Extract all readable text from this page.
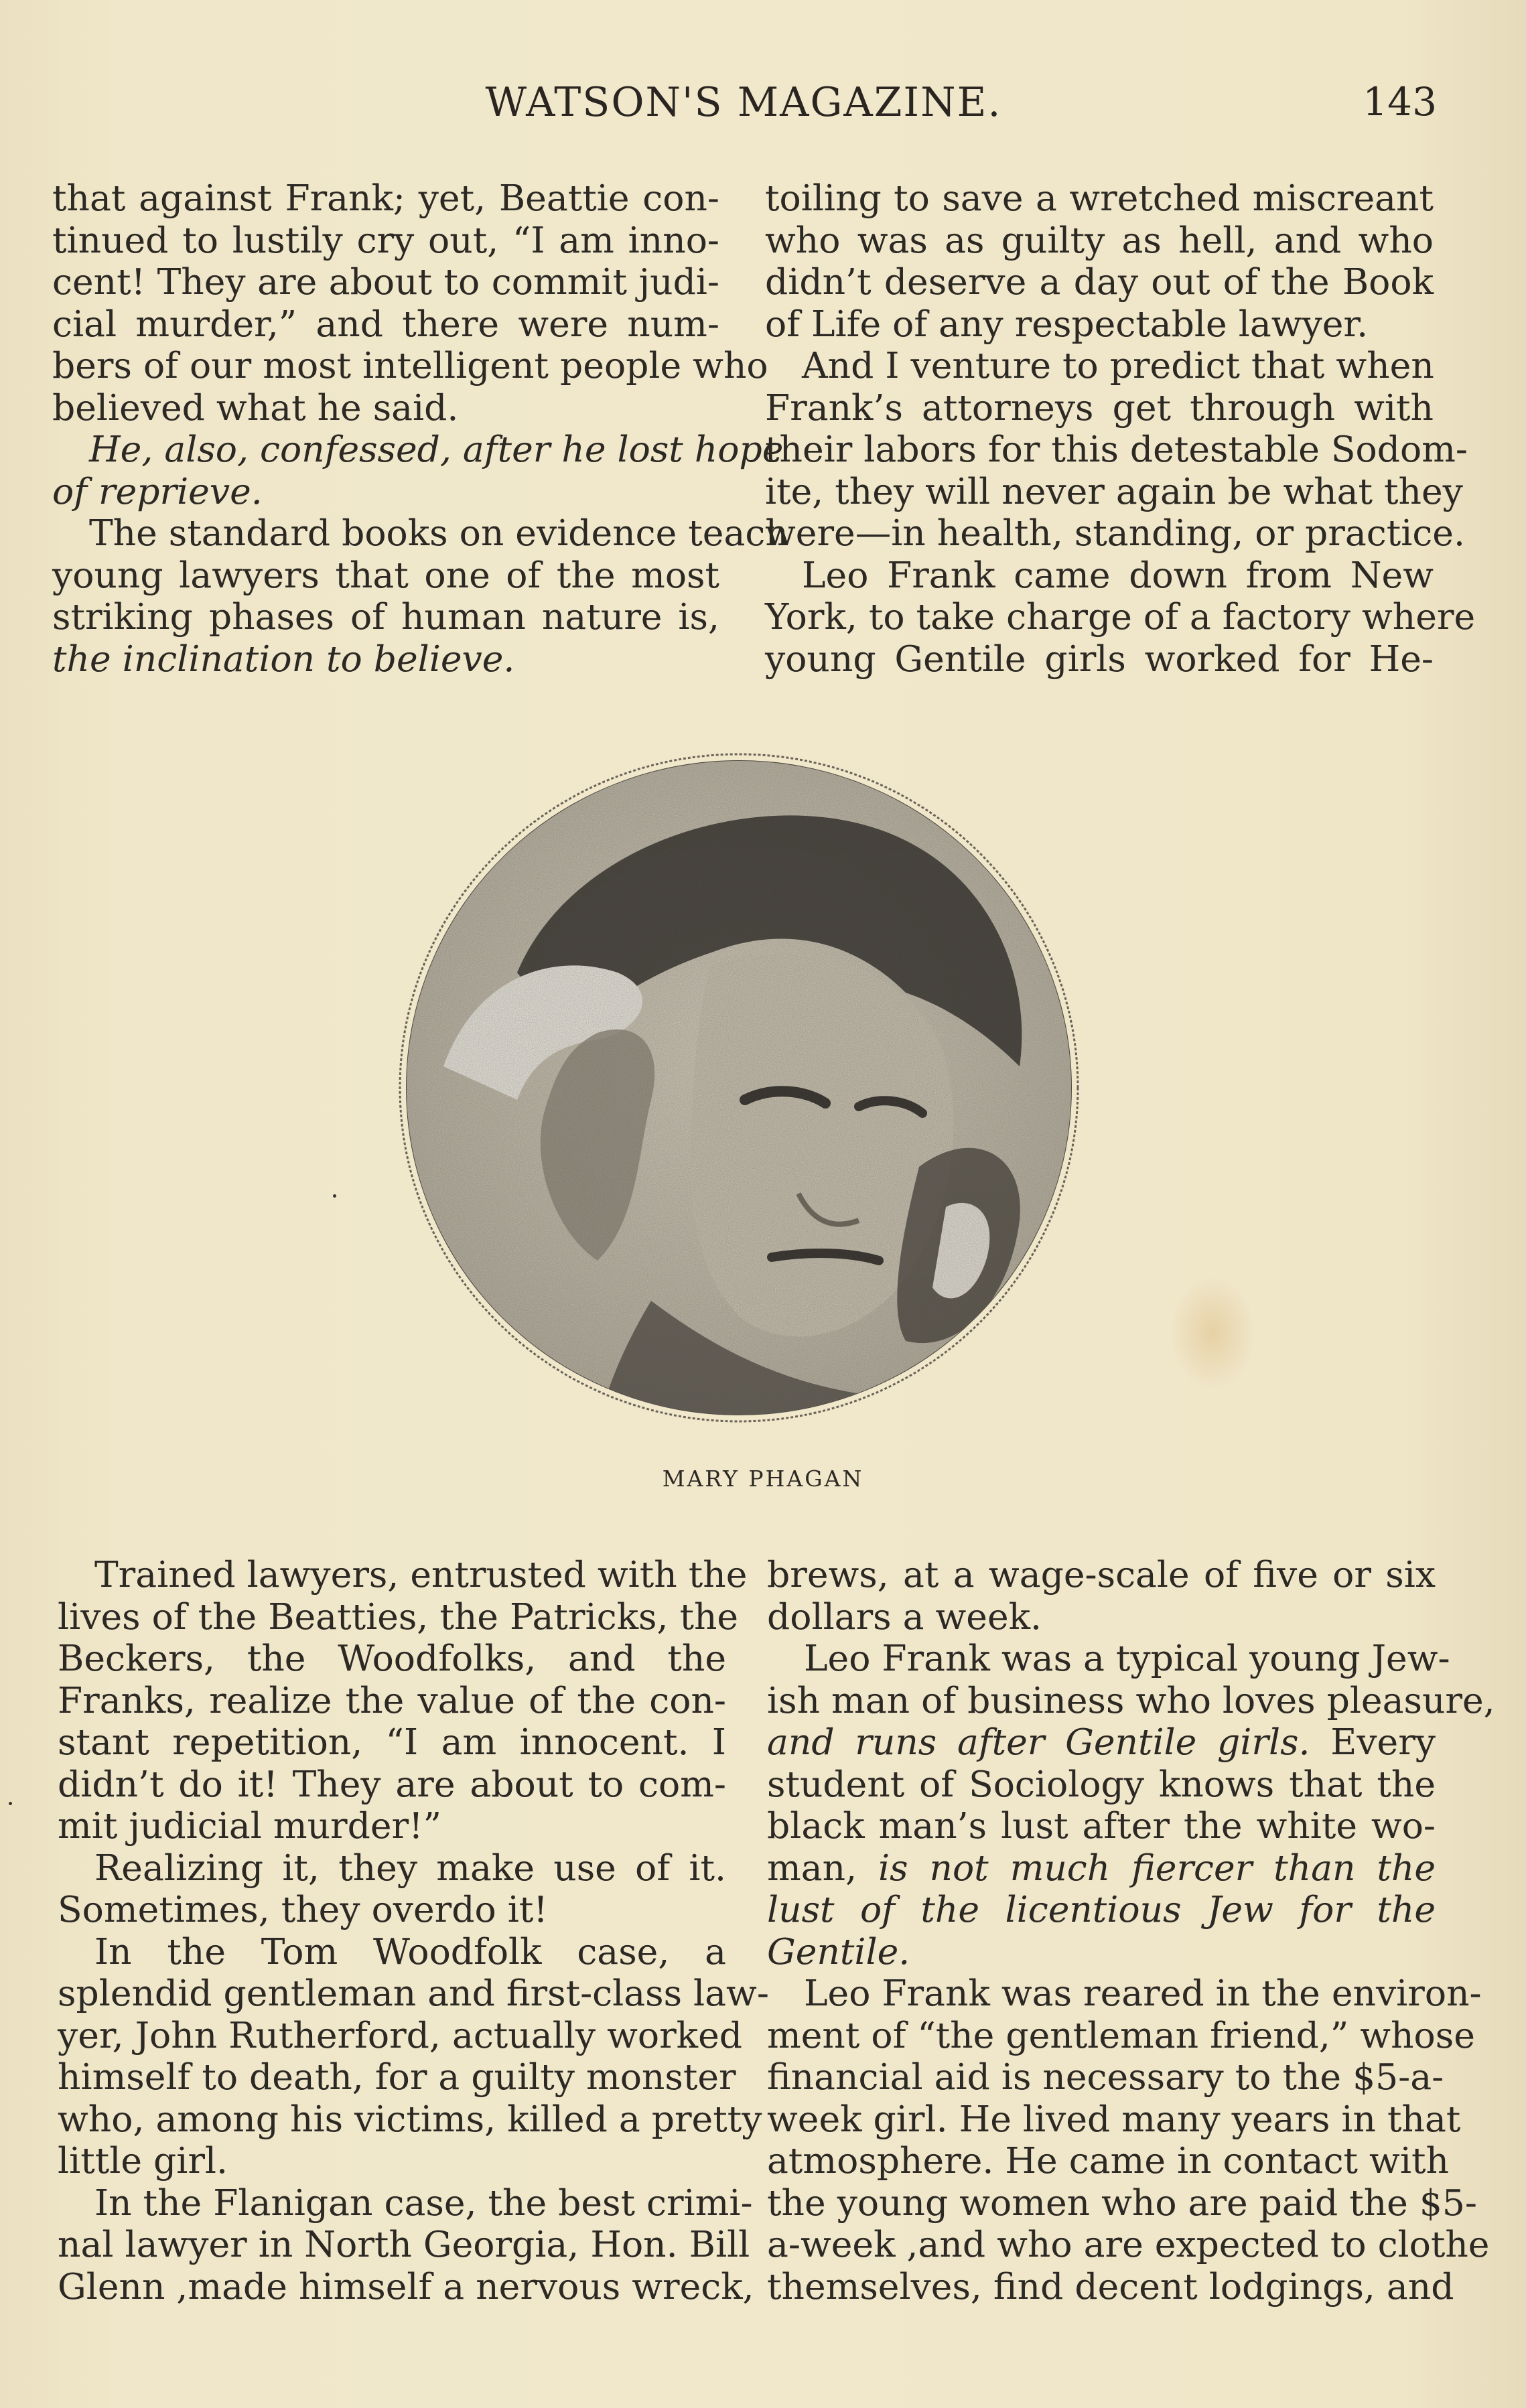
WATSON'S MAGAZINE.	143
that against Frank; yet, Beattie con-
tinued to lustily cry out, “I am inno-
cent! They are about to commit judi-
cial murder,” and there were num-
bers of our most intelligent people who
believed what he said.
He, also, confessed, after he lost hope
of reprieve.
The standard books on evidence teach
young lawyers that one of the most
striking phases of human nature is,
the inclination to believe.
toiling to save a wretched miscreant
who was as guilty as hell, and who
didn’t deserve a day out of the Book
of Life of any respectable lawyer.
And I venture to predict that when
Frank’s attorneys get through with
their labors for this detestable Sodom-
ite, they will never again be what they
were—in health, standing, or practice.
Leo Frank came down from New
York, to take charge of a factory where
young Gentile girls worked for He-
MARY PHAGAN
Trained lawyers, entrusted with the
lives of the Beatties, the Patricks, the
Beckers, the Woodfolks, and the
Franks, realize the value of the con-
stant repetition, “I am innocent. I
didn’t do it! They are about to com-
mit judicial murder!”
Realizing it, they make use of it.
Sometimes, they overdo it!
In the Tom Woodfolk case, a
splendid gentleman and first-class law-
yer, John Rutherford, actually worked
himself to death, for a guilty monster
who, among his victims, killed a pretty
little girl.
In the Flanigan case, the best crimi-
nal lawyer in North Georgia, Hon. Bill
Glenn ,made himself a nervous wreck,
brews, at a wage-scale of five or six
dollars a week.
Leo Frank was a typical young Jew-
ish man of business who loves pleasure,
and runs after Gentile girls. Every
student of Sociology knows that the
black man’s lust after the white wo-
man, is not much fiercer than the
lust of the licentious Jew for the
Gentile.
Leo Frank was reared in the environ-
ment of “the gentleman friend,” whose
financial aid is necessary to the $5-a-
week girl. He lived many years in that
atmosphere. He came in contact with
the young women who are paid the $5-
a-week ,and who are expected to clothe
themselves, find decent lodgings, and
